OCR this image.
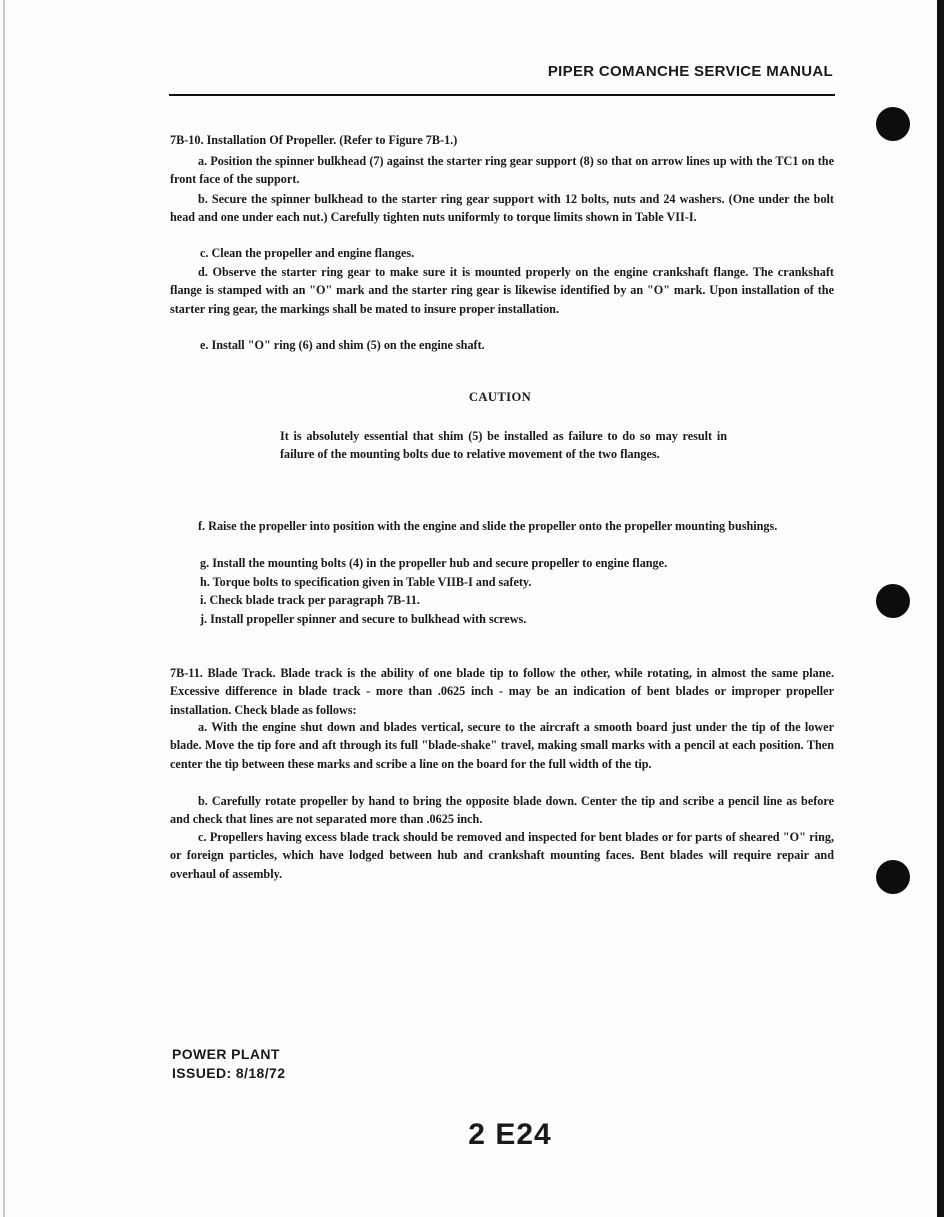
PIPER COMANCHE SERVICE MANUAL
7B-10. Installation Of Propeller. (Refer to Figure 7B-1.)
a. Position the spinner bulkhead (7) against the starter ring gear support (8) so that on arrow lines up with the TC1 on the front face of the support.
b. Secure the spinner bulkhead to the starter ring gear support with 12 bolts, nuts and 24 washers. (One under the bolt head and one under each nut.) Carefully tighten nuts uniformly to torque limits shown in Table VII-I.
c. Clean the propeller and engine flanges.
d. Observe the starter ring gear to make sure it is mounted properly on the engine crankshaft flange. The crankshaft flange is stamped with an "O" mark and the starter ring gear is likewise identified by an "O" mark. Upon installation of the starter ring gear, the markings shall be mated to insure proper installation.
e. Install "O" ring (6) and shim (5) on the engine shaft.
CAUTION
It is absolutely essential that shim (5) be installed as failure to do so may result in failure of the mounting bolts due to relative movement of the two flanges.
f. Raise the propeller into position with the engine and slide the propeller onto the propeller mounting bushings.
g. Install the mounting bolts (4) in the propeller hub and secure propeller to engine flange.
h. Torque bolts to specification given in Table VIIB-I and safety.
i. Check blade track per paragraph 7B-11.
j. Install propeller spinner and secure to bulkhead with screws.
7B-11. Blade Track. Blade track is the ability of one blade tip to follow the other, while rotating, in almost the same plane. Excessive difference in blade track - more than .0625 inch - may be an indication of bent blades or improper propeller installation. Check blade as follows:
a. With the engine shut down and blades vertical, secure to the aircraft a smooth board just under the tip of the lower blade. Move the tip fore and aft through its full "blade-shake" travel, making small marks with a pencil at each position. Then center the tip between these marks and scribe a line on the board for the full width of the tip.
b. Carefully rotate propeller by hand to bring the opposite blade down. Center the tip and scribe a pencil line as before and check that lines are not separated more than .0625 inch.
c. Propellers having excess blade track should be removed and inspected for bent blades or for parts of sheared "O" ring, or foreign particles, which have lodged between hub and crankshaft mounting faces. Bent blades will require repair and overhaul of assembly.
POWER PLANT
ISSUED: 8/18/72
2 E24
